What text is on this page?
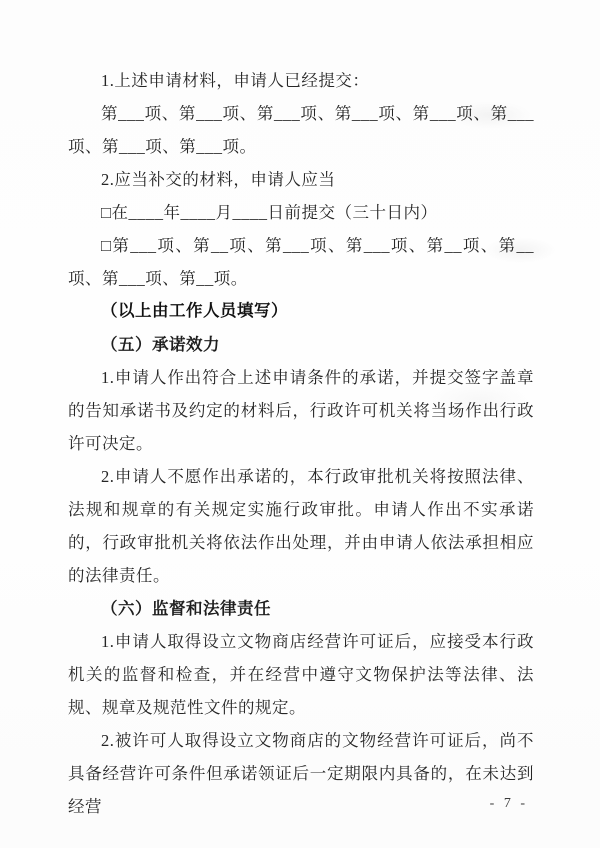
1.上述申请材料，申请人已经提交：

第___项、第___项、第___项、第___项、第___项、第___项、第___项、第___项。

2.应当补交的材料，申请人应当

□在____年____月____日前提交（三十日内）

□第___项、第__项、第___项、第___项、第__项、第__项、第___项、第__项。

（以上由工作人员填写）

（五）承诺效力

1.申请人作出符合上述申请条件的承诺，并提交签字盖章的告知承诺书及约定的材料后，行政许可机关将当场作出行政许可决定。

2.申请人不愿作出承诺的，本行政审批机关将按照法律、法规和规章的有关规定实施行政审批。申请人作出不实承诺的，行政审批机关将依法作出处理，并由申请人依法承担相应的法律责任。

（六）监督和法律责任

1.申请人取得设立文物商店经营许可证后，应接受本行政机关的监督和检查，并在经营中遵守文物保护法等法律、法规、规章及规范性文件的规定。

2.被许可人取得设立文物商店的文物经营许可证后，尚不具备经营许可条件但承诺领证后一定期限内具备的，在未达到经营	- 7 -
